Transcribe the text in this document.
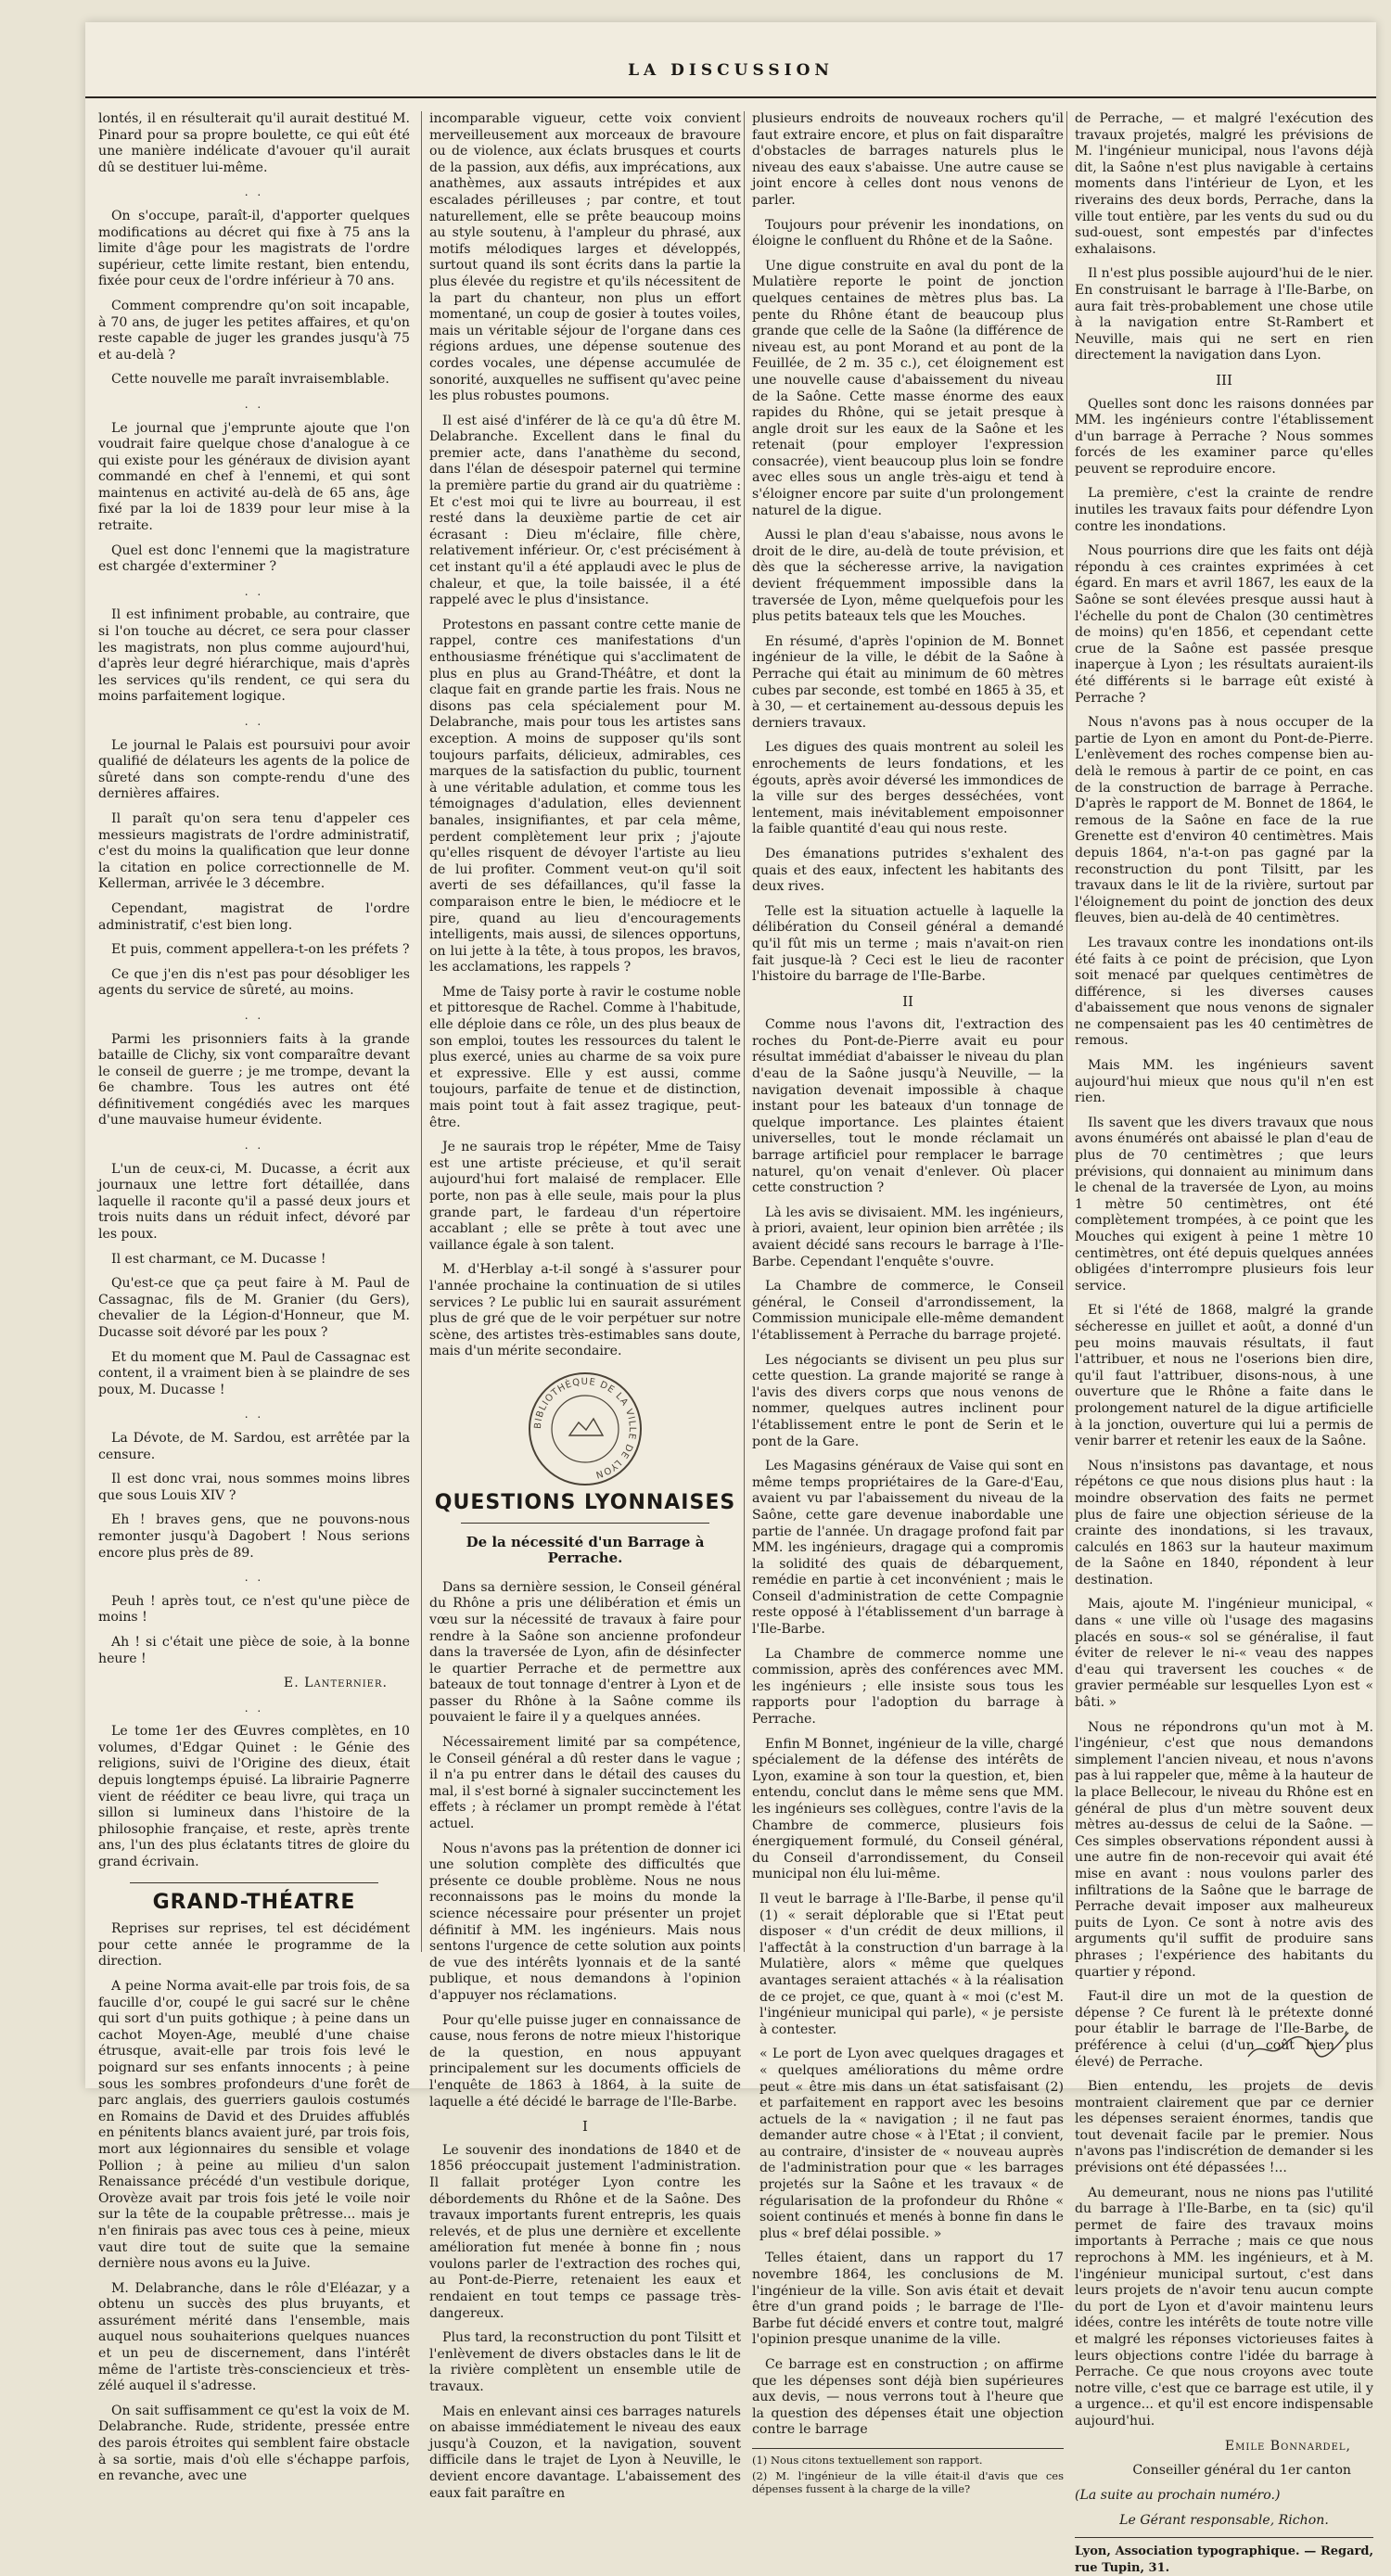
LA DISCUSSION

lontés, il en résulterait qu'il aurait destitué M. Pinard pour sa propre boulette, ce qui eût été une manière indélicate d'avouer qu'il aurait dû se destituer lui-même.

. .

On s'occupe, paraît-il, d'apporter quelques modifications au décret qui fixe à 75 ans la limite d'âge pour les magistrats de l'ordre supérieur, cette limite restant, bien entendu, fixée pour ceux de l'ordre inférieur à 70 ans.

Comment comprendre qu'on soit incapable, à 70 ans, de juger les petites affaires, et qu'on reste capable de juger les grandes jusqu'à 75 et au-delà ?

Cette nouvelle me paraît invraisemblable.

. .

Le journal que j'emprunte ajoute que l'on voudrait faire quelque chose d'analogue à ce qui existe pour les généraux de division ayant commandé en chef à l'ennemi, et qui sont maintenus en activité au-delà de 65 ans, âge fixé par la loi de 1839 pour leur mise à la retraite.

Quel est donc l'ennemi que la magistrature est chargée d'exterminer ?

. .

Il est infiniment probable, au contraire, que si l'on touche au décret, ce sera pour classer les magistrats, non plus comme aujourd'hui, d'après leur degré hiérarchique, mais d'après les services qu'ils rendent, ce qui sera du moins parfaitement logique.

. .

Le journal le Palais est poursuivi pour avoir qualifié de délateurs les agents de la police de sûreté dans son compte-rendu d'une des dernières affaires.

Il paraît qu'on sera tenu d'appeler ces messieurs magistrats de l'ordre administratif, c'est du moins la qualification que leur donne la citation en police correctionnelle de M. Kellerman, arrivée le 3 décembre.

Cependant, magistrat de l'ordre administratif, c'est bien long.

Et puis, comment appellera-t-on les préfets ?

Ce que j'en dis n'est pas pour désobliger les agents du service de sûreté, au moins.

. .

Parmi les prisonniers faits à la grande bataille de Clichy, six vont comparaître devant le conseil de guerre ; je me trompe, devant la 6e chambre. Tous les autres ont été définitivement congédiés avec les marques d'une mauvaise humeur évidente.

. .

L'un de ceux-ci, M. Ducasse, a écrit aux journaux une lettre fort détaillée, dans laquelle il raconte qu'il a passé deux jours et trois nuits dans un réduit infect, dévoré par les poux.

Il est charmant, ce M. Ducasse !

Qu'est-ce que ça peut faire à M. Paul de Cassagnac, fils de M. Granier (du Gers), chevalier de la Légion-d'Honneur, que M. Ducasse soit dévoré par les poux ?

Et du moment que M. Paul de Cassagnac est content, il a vraiment bien à se plaindre de ses poux, M. Ducasse !

. .

La Dévote, de M. Sardou, est arrêtée par la censure.

Il est donc vrai, nous sommes moins libres que sous Louis XIV ?

Eh ! braves gens, que ne pouvons-nous remonter jusqu'à Dagobert ! Nous serions encore plus près de 89.

. .

Peuh ! après tout, ce n'est qu'une pièce de moins !

Ah ! si c'était une pièce de soie, à la bonne heure !

E. Lanternier.

. .

Le tome 1er des Œuvres complètes, en 10 volumes, d'Edgar Quinet : le Génie des religions, suivi de l'Origine des dieux, était depuis longtemps épuisé. La librairie Pagnerre vient de rééditer ce beau livre, qui traça un sillon si lumineux dans l'histoire de la philosophie française, et reste, après trente ans, l'un des plus éclatants titres de gloire du grand écrivain.

GRAND-THÉATRE

Reprises sur reprises, tel est décidément pour cette année le programme de la direction.

A peine Norma avait-elle par trois fois, de sa faucille d'or, coupé le gui sacré sur le chêne qui sort d'un puits gothique ; à peine dans un cachot Moyen-Age, meublé d'une chaise étrusque, avait-elle par trois fois levé le poignard sur ses enfants innocents ; à peine sous les sombres profondeurs d'une forêt de parc anglais, des guerriers gaulois costumés en Romains de David et des Druides affublés en pénitents blancs avaient juré, par trois fois, mort aux légionnaires du sensible et volage Pollion ; à peine au milieu d'un salon Renaissance précédé d'un vestibule dorique, Orovèze avait par trois fois jeté le voile noir sur la tête de la coupable prêtresse... mais je n'en finirais pas avec tous ces à peine, mieux vaut dire tout de suite que la semaine dernière nous avons eu la Juive.

M. Delabranche, dans le rôle d'Eléazar, y a obtenu un succès des plus bruyants, et assurément mérité dans l'ensemble, mais auquel nous souhaiterions quelques nuances et un peu de discernement, dans l'intérêt même de l'artiste très-consciencieux et très-zélé auquel il s'adresse.

On sait suffisamment ce qu'est la voix de M. Delabranche. Rude, stridente, pressée entre des parois étroites qui semblent faire obstacle à sa sortie, mais d'où elle s'échappe parfois, en revanche, avec une

incomparable vigueur, cette voix convient merveilleusement aux morceaux de bravoure ou de violence, aux éclats brusques et courts de la passion, aux défis, aux imprécations, aux anathèmes, aux assauts intrépides et aux escalades périlleuses ; par contre, et tout naturellement, elle se prête beaucoup moins au style soutenu, à l'ampleur du phrasé, aux motifs mélodiques larges et développés, surtout quand ils sont écrits dans la partie la plus élevée du registre et qu'ils nécessitent de la part du chanteur, non plus un effort momentané, un coup de gosier à toutes voiles, mais un véritable séjour de l'organe dans ces régions ardues, une dépense soutenue des cordes vocales, une dépense accumulée de sonorité, auxquelles ne suffisent qu'avec peine les plus robustes poumons.

Il est aisé d'inférer de là ce qu'a dû être M. Delabranche. Excellent dans le final du premier acte, dans l'anathème du second, dans l'élan de désespoir paternel qui termine la première partie du grand air du quatrième : Et c'est moi qui te livre au bourreau, il est resté dans la deuxième partie de cet air écrasant : Dieu m'éclaire, fille chère, relativement inférieur. Or, c'est précisément à cet instant qu'il a été applaudi avec le plus de chaleur, et que, la toile baissée, il a été rappelé avec le plus d'insistance.

Protestons en passant contre cette manie de rappel, contre ces manifestations d'un enthousiasme frénétique qui s'acclimatent de plus en plus au Grand-Théâtre, et dont la claque fait en grande partie les frais. Nous ne disons pas cela spécialement pour M. Delabranche, mais pour tous les artistes sans exception. A moins de supposer qu'ils sont toujours parfaits, délicieux, admirables, ces marques de la satisfaction du public, tournent à une véritable adulation, et comme tous les témoignages d'adulation, elles deviennent banales, insignifiantes, et par cela même, perdent complètement leur prix ; j'ajoute qu'elles risquent de dévoyer l'artiste au lieu de lui profiter. Comment veut-on qu'il soit averti de ses défaillances, qu'il fasse la comparaison entre le bien, le médiocre et le pire, quand au lieu d'encouragements intelligents, mais aussi, de silences opportuns, on lui jette à la tête, à tous propos, les bravos, les acclamations, les rappels ?

Mme de Taisy porte à ravir le costume noble et pittoresque de Rachel. Comme à l'habitude, elle déploie dans ce rôle, un des plus beaux de son emploi, toutes les ressources du talent le plus exercé, unies au charme de sa voix pure et expressive. Elle y est aussi, comme toujours, parfaite de tenue et de distinction, mais point tout à fait assez tragique, peut-être.

Je ne saurais trop le répéter, Mme de Taisy est une artiste précieuse, et qu'il serait aujourd'hui fort malaisé de remplacer. Elle porte, non pas à elle seule, mais pour la plus grande part, le fardeau d'un répertoire accablant ; elle se prête à tout avec une vaillance égale à son talent.

M. d'Herblay a-t-il songé à s'assurer pour l'année prochaine la continuation de si utiles services ? Le public lui en saurait assurément plus de gré que de le voir perpétuer sur notre scène, des artistes très-estimables sans doute, mais d'un mérite secondaire.

BIBLIOTHÈQUE DE LA VILLE DE LYON
QUESTIONS LYONNAISES
De la nécessité d'un Barrage à Perrache.

Dans sa dernière session, le Conseil général du Rhône a pris une délibération et émis un vœu sur la nécessité de travaux à faire pour rendre à la Saône son ancienne profondeur dans la traversée de Lyon, afin de désinfecter le quartier Perrache et de permettre aux bateaux de tout tonnage d'entrer à Lyon et de passer du Rhône à la Saône comme ils pouvaient le faire il y a quelques années.

Nécessairement limité par sa compétence, le Conseil général a dû rester dans le vague ; il n'a pu entrer dans le détail des causes du mal, il s'est borné à signaler succinctement les effets ; à réclamer un prompt remède à l'état actuel.

Nous n'avons pas la prétention de donner ici une solution complète des difficultés que présente ce double problème. Nous ne nous reconnaissons pas le moins du monde la science nécessaire pour présenter un projet définitif à MM. les ingénieurs. Mais nous sentons l'urgence de cette solution aux points de vue des intérêts lyonnais et de la santé publique, et nous demandons à l'opinion d'appuyer nos réclamations.

Pour qu'elle puisse juger en connaissance de cause, nous ferons de notre mieux l'historique de la question, en nous appuyant principalement sur les documents officiels de l'enquête de 1863 à 1864, à la suite de laquelle a été décidé le barrage de l'Ile-Barbe.

I

Le souvenir des inondations de 1840 et de 1856 préoccupait justement l'administration. Il fallait protéger Lyon contre les débordements du Rhône et de la Saône. Des travaux importants furent entrepris, les quais relevés, et de plus une dernière et excellente amélioration fut menée à bonne fin ; nous voulons parler de l'extraction des roches qui, au Pont-de-Pierre, retenaient les eaux et rendaient en tout temps ce passage très-dangereux.

Plus tard, la reconstruction du pont Tilsitt et l'enlèvement de divers obstacles dans le lit de la rivière complètent un ensemble utile de travaux.

Mais en enlevant ainsi ces barrages naturels on abaisse immédiatement le niveau des eaux jusqu'à Couzon, et la navigation, souvent difficile dans le trajet de Lyon à Neuville, le devient encore davantage. L'abaissement des eaux fait paraître en

plusieurs endroits de nouveaux rochers qu'il faut extraire encore, et plus on fait disparaître d'obstacles de barrages naturels plus le niveau des eaux s'abaisse. Une autre cause se joint encore à celles dont nous venons de parler.

Toujours pour prévenir les inondations, on éloigne le confluent du Rhône et de la Saône.

Une digue construite en aval du pont de la Mulatière reporte le point de jonction quelques centaines de mètres plus bas. La pente du Rhône étant de beaucoup plus grande que celle de la Saône (la différence de niveau est, au pont Morand et au pont de la Feuillée, de 2 m. 35 c.), cet éloignement est une nouvelle cause d'abaissement du niveau de la Saône. Cette masse énorme des eaux rapides du Rhône, qui se jetait presque à angle droit sur les eaux de la Saône et les retenait (pour employer l'expression consacrée), vient beaucoup plus loin se fondre avec elles sous un angle très-aigu et tend à s'éloigner encore par suite d'un prolongement naturel de la digue.

Aussi le plan d'eau s'abaisse, nous avons le droit de le dire, au-delà de toute prévision, et dès que la sécheresse arrive, la navigation devient fréquemment impossible dans la traversée de Lyon, même quelquefois pour les plus petits bateaux tels que les Mouches.

En résumé, d'après l'opinion de M. Bonnet ingénieur de la ville, le débit de la Saône à Perrache qui était au minimum de 60 mètres cubes par seconde, est tombé en 1865 à 35, et à 30, — et certainement au-dessous depuis les derniers travaux.

Les digues des quais montrent au soleil les enrochements de leurs fondations, et les égouts, après avoir déversé les immondices de la ville sur des berges desséchées, vont lentement, mais inévitablement empoisonner la faible quantité d'eau qui nous reste.

Des émanations putrides s'exhalent des quais et des eaux, infectent les habitants des deux rives.

Telle est la situation actuelle à laquelle la délibération du Conseil général a demandé qu'il fût mis un terme ; mais n'avait-on rien fait jusque-là ? Ceci est le lieu de raconter l'histoire du barrage de l'Ile-Barbe.

II

Comme nous l'avons dit, l'extraction des roches du Pont-de-Pierre avait eu pour résultat immédiat d'abaisser le niveau du plan d'eau de la Saône jusqu'à Neuville, — la navigation devenait impossible à chaque instant pour les bateaux d'un tonnage de quelque importance. Les plaintes étaient universelles, tout le monde réclamait un barrage artificiel pour remplacer le barrage naturel, qu'on venait d'enlever. Où placer cette construction ?

Là les avis se divisaient. MM. les ingénieurs, à priori, avaient, leur opinion bien arrêtée ; ils avaient décidé sans recours le barrage à l'Ile-Barbe. Cependant l'enquête s'ouvre.

La Chambre de commerce, le Conseil général, le Conseil d'arrondissement, la Commission municipale elle-même demandent l'établissement à Perrache du barrage projeté.

Les négociants se divisent un peu plus sur cette question. La grande majorité se range à l'avis des divers corps que nous venons de nommer, quelques autres inclinent pour l'établissement entre le pont de Serin et le pont de la Gare.

Les Magasins généraux de Vaise qui sont en même temps propriétaires de la Gare-d'Eau, avaient vu par l'abaissement du niveau de la Saône, cette gare devenue inabordable une partie de l'année. Un dragage profond fait par MM. les ingénieurs, dragage qui a compromis la solidité des quais de débarquement, remédie en partie à cet inconvénient ; mais le Conseil d'administration de cette Compagnie reste opposé à l'établissement d'un barrage à l'Ile-Barbe.

La Chambre de commerce nomme une commission, après des conférences avec MM. les ingénieurs ; elle insiste sous tous les rapports pour l'adoption du barrage à Perrache.

Enfin M Bonnet, ingénieur de la ville, chargé spécialement de la défense des intérêts de Lyon, examine à son tour la question, et, bien entendu, conclut dans le même sens que MM. les ingénieurs ses collègues, contre l'avis de la Chambre de commerce, plusieurs fois énergiquement formulé, du Conseil général, du Conseil d'arrondissement, du Conseil municipal non élu lui-même.

Il veut le barrage à l'Ile-Barbe, il pense qu'il (1) « serait déplorable que si l'Etat peut disposer « d'un crédit de deux millions, il l'affectât à la construction d'un barrage à la Mulatière, alors « même que quelques avantages seraient attachés « à la réalisation de ce projet, ce que, quant à « moi (c'est M. l'ingénieur municipal qui parle), « je persiste à contester.

« Le port de Lyon avec quelques dragages et « quelques améliorations du même ordre peut « être mis dans un état satisfaisant (2) et parfaitement en rapport avec les besoins actuels de la « navigation ; il ne faut pas demander autre chose « à l'Etat ; il convient, au contraire, d'insister de « nouveau auprès de l'administration pour que « les barrages projetés sur la Saône et les travaux « de régularisation de la profondeur du Rhône « soient continués et menés à bonne fin dans le plus « bref délai possible. »

Telles étaient, dans un rapport du 17 novembre 1864, les conclusions de M. l'ingénieur de la ville. Son avis était et devait être d'un grand poids ; le barrage de l'Ile-Barbe fut décidé envers et contre tout, malgré l'opinion presque unanime de la ville.

Ce barrage est en construction ; on affirme que les dépenses sont déjà bien supérieures aux devis, — nous verrons tout à l'heure que la question des dépenses était une objection contre le barrage

(1) Nous citons textuellement son rapport.

(2) M. l'ingénieur de la ville était-il d'avis que ces dépenses fussent à la charge de la ville?

de Perrache, — et malgré l'exécution des travaux projetés, malgré les prévisions de M. l'ingénieur municipal, nous l'avons déjà dit, la Saône n'est plus navigable à certains moments dans l'intérieur de Lyon, et les riverains des deux bords, Perrache, dans la ville tout entière, par les vents du sud ou du sud-ouest, sont empestés par d'infectes exhalaisons.

Il n'est plus possible aujourd'hui de le nier. En construisant le barrage à l'Ile-Barbe, on aura fait très-probablement une chose utile à la navigation entre St-Rambert et Neuville, mais qui ne sert en rien directement la navigation dans Lyon.

III

Quelles sont donc les raisons données par MM. les ingénieurs contre l'établissement d'un barrage à Perrache ? Nous sommes forcés de les examiner parce qu'elles peuvent se reproduire encore.

La première, c'est la crainte de rendre inutiles les travaux faits pour défendre Lyon contre les inondations.

Nous pourrions dire que les faits ont déjà répondu à ces craintes exprimées à cet égard. En mars et avril 1867, les eaux de la Saône se sont élevées presque aussi haut à l'échelle du pont de Chalon (30 centimètres de moins) qu'en 1856, et cependant cette crue de la Saône est passée presque inaperçue à Lyon ; les résultats auraient-ils été différents si le barrage eût existé à Perrache ?

Nous n'avons pas à nous occuper de la partie de Lyon en amont du Pont-de-Pierre. L'enlèvement des roches compense bien au-delà le remous à partir de ce point, en cas de la construction de barrage à Perrache. D'après le rapport de M. Bonnet de 1864, le remous de la Saône en face de la rue Grenette est d'environ 40 centimètres. Mais depuis 1864, n'a-t-on pas gagné par la reconstruction du pont Tilsitt, par les travaux dans le lit de la rivière, surtout par l'éloignement du point de jonction des deux fleuves, bien au-delà de 40 centimètres.

Les travaux contre les inondations ont-ils été faits à ce point de précision, que Lyon soit menacé par quelques centimètres de différence, si les diverses causes d'abaissement que nous venons de signaler ne compensaient pas les 40 centimètres de remous.

Mais MM. les ingénieurs savent aujourd'hui mieux que nous qu'il n'en est rien.

Ils savent que les divers travaux que nous avons énumérés ont abaissé le plan d'eau de plus de 70 centimètres ; que leurs prévisions, qui donnaient au minimum dans le chenal de la traversée de Lyon, au moins 1 mètre 50 centimètres, ont été complètement trompées, à ce point que les Mouches qui exigent à peine 1 mètre 10 centimètres, ont été depuis quelques années obligées d'interrompre plusieurs fois leur service.

Et si l'été de 1868, malgré la grande sécheresse en juillet et août, a donné d'un peu moins mauvais résultats, il faut l'attribuer, et nous ne l'oserions bien dire, qu'il faut l'attribuer, disons-nous, à une ouverture que le Rhône a faite dans le prolongement naturel de la digue artificielle à la jonction, ouverture qui lui a permis de venir barrer et retenir les eaux de la Saône.

Nous n'insistons pas davantage, et nous répétons ce que nous disions plus haut : la moindre observation des faits ne permet plus de faire une objection sérieuse de la crainte des inondations, si les travaux, calculés en 1863 sur la hauteur maximum de la Saône en 1840, répondent à leur destination.

Mais, ajoute M. l'ingénieur municipal, « dans « une ville où l'usage des magasins placés en sous-« sol se généralise, il faut éviter de relever le ni-« veau des nappes d'eau qui traversent les couches « de gravier perméable sur lesquelles Lyon est « bâti. »

Nous ne répondrons qu'un mot à M. l'ingénieur, c'est que nous demandons simplement l'ancien niveau, et nous n'avons pas à lui rappeler que, même à la hauteur de la place Bellecour, le niveau du Rhône est en général de plus d'un mètre souvent deux mètres au-dessus de celui de la Saône. — Ces simples observations répondent aussi à une autre fin de non-recevoir qui avait été mise en avant : nous voulons parler des infiltrations de la Saône que le barrage de Perrache devait imposer aux malheureux puits de Lyon. Ce sont à notre avis des arguments qu'il suffit de produire sans phrases ; l'expérience des habitants du quartier y répond.

Faut-il dire un mot de la question de dépense ? Ce furent là le prétexte donné pour établir le barrage de l'Ile-Barbe, de préférence à celui (d'un coût bien plus élevé) de Perrache.

Bien entendu, les projets de devis montraient clairement que par ce dernier les dépenses seraient énormes, tandis que tout devenait facile par le premier. Nous n'avons pas l'indiscrétion de demander si les prévisions ont été dépassées !...

Au demeurant, nous ne nions pas l'utilité du barrage à l'Ile-Barbe, en ta (sic) qu'il permet de faire des travaux moins importants à Perrache ; mais ce que nous reprochons à MM. les ingénieurs, et à M. l'ingénieur municipal surtout, c'est dans leurs projets de n'avoir tenu aucun compte du port de Lyon et d'avoir maintenu leurs idées, contre les intérêts de toute notre ville et malgré les réponses victorieuses faites à leurs objections contre l'idée du barrage à Perrache. Ce que nous croyons avec toute notre ville, c'est que ce barrage est utile, il y a urgence... et qu'il est encore indispensable aujourd'hui.

Emile Bonnardel,

Conseiller général du 1er canton

(La suite au prochain numéro.)

Le Gérant responsable, Richon.
Lyon, Association typographique. — Regard, rue Tupin, 31.
